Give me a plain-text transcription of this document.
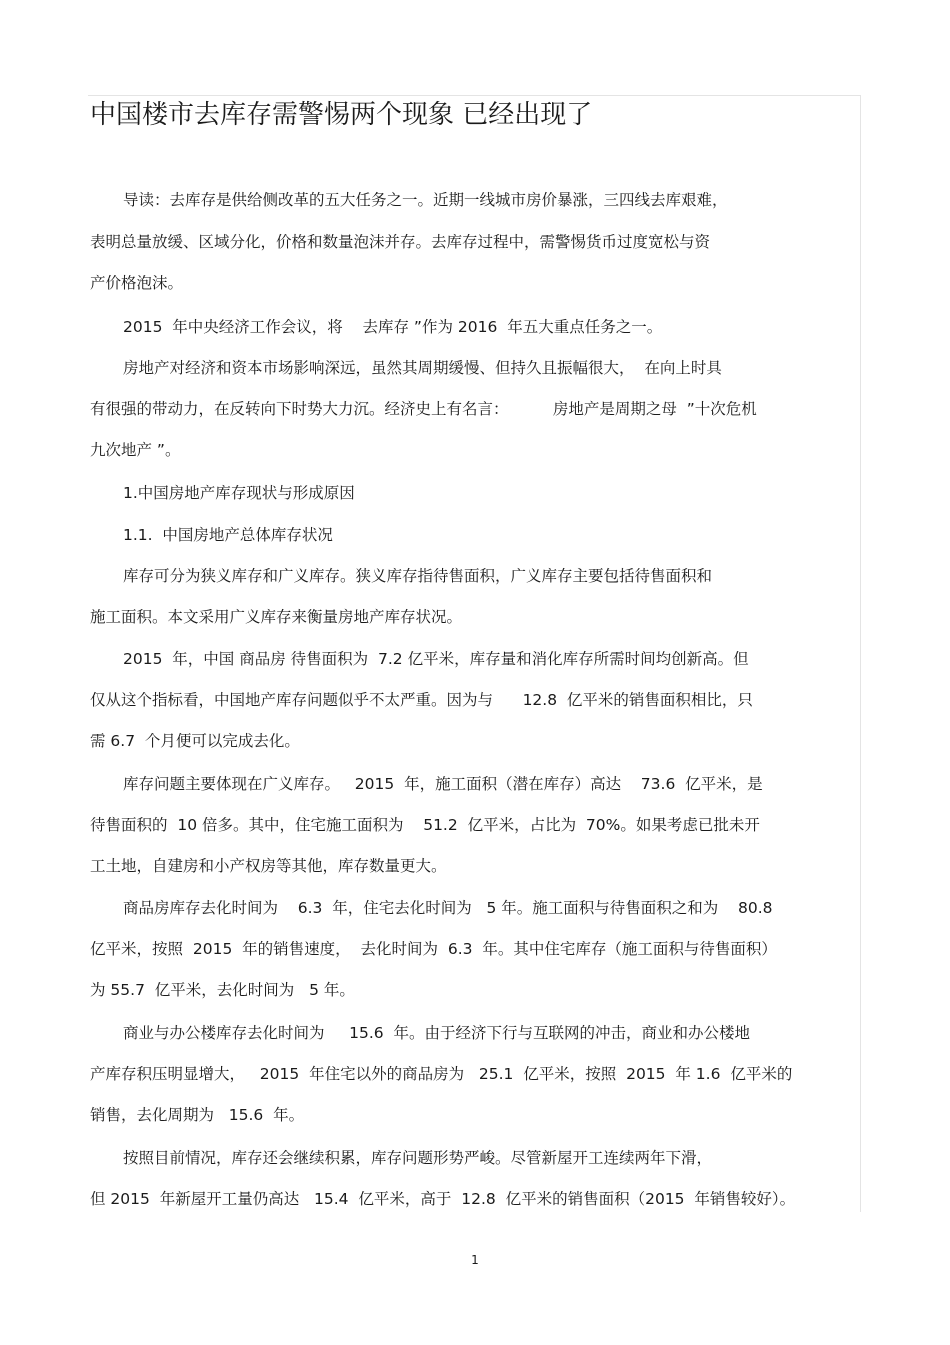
中国楼市去库存需警惕两个现象 已经出现了

导读：去库存是供给侧改革的五大任务之一。近期一线城市房价暴涨，三四线去库艰难，

表明总量放缓、区域分化，价格和数量泡沫并存。去库存过程中，需警惕货币过度宽松与资

产价格泡沫。

2015  年中央经济工作会议，将    去库存 ”作为 2016  年五大重点任务之一。

房地产对经济和资本市场影响深远，虽然其周期缓慢、但持久且振幅很大，  在向上时具

有很强的带动力，在反转向下时势大力沉。经济史上有名言：         房地产是周期之母  ”十次危机

九次地产 ”。

1.中国房地产库存现状与形成原因

1.1.  中国房地产总体库存状况

库存可分为狭义库存和广义库存。狭义库存指待售面积，广义库存主要包括待售面积和

施工面积。本文采用广义库存来衡量房地产库存状况。

2015  年，中国 商品房 待售面积为  7.2 亿平米，库存量和消化库存所需时间均创新高。但

仅从这个指标看，中国地产库存问题似乎不太严重。因为与      12.8  亿平米的销售面积相比，只

需 6.7  个月便可以完成去化。

库存问题主要体现在广义库存。   2015  年，施工面积（潜在库存）高达    73.6  亿平米，是

待售面积的  10 倍多。其中，住宅施工面积为    51.2  亿平米，占比为  70%。如果考虑已批未开

工土地，自建房和小产权房等其他，库存数量更大。

商品房库存去化时间为    6.3  年，住宅去化时间为   5 年。施工面积与待售面积之和为    80.8

亿平米，按照  2015  年的销售速度，  去化时间为  6.3  年。其中住宅库存（施工面积与待售面积）

为 55.7  亿平米，去化时间为   5 年。

商业与办公楼库存去化时间为     15.6  年。由于经济下行与互联网的冲击，商业和办公楼地

产库存积压明显增大，   2015  年住宅以外的商品房为   25.1  亿平米，按照  2015  年 1.6  亿平米的

销售，去化周期为   15.6  年。

按照目前情况，库存还会继续积累，库存问题形势严峻。尽管新屋开工连续两年下滑，

但 2015  年新屋开工量仍高达   15.4  亿平米，高于  12.8  亿平米的销售面积（2015  年销售较好）。

1
